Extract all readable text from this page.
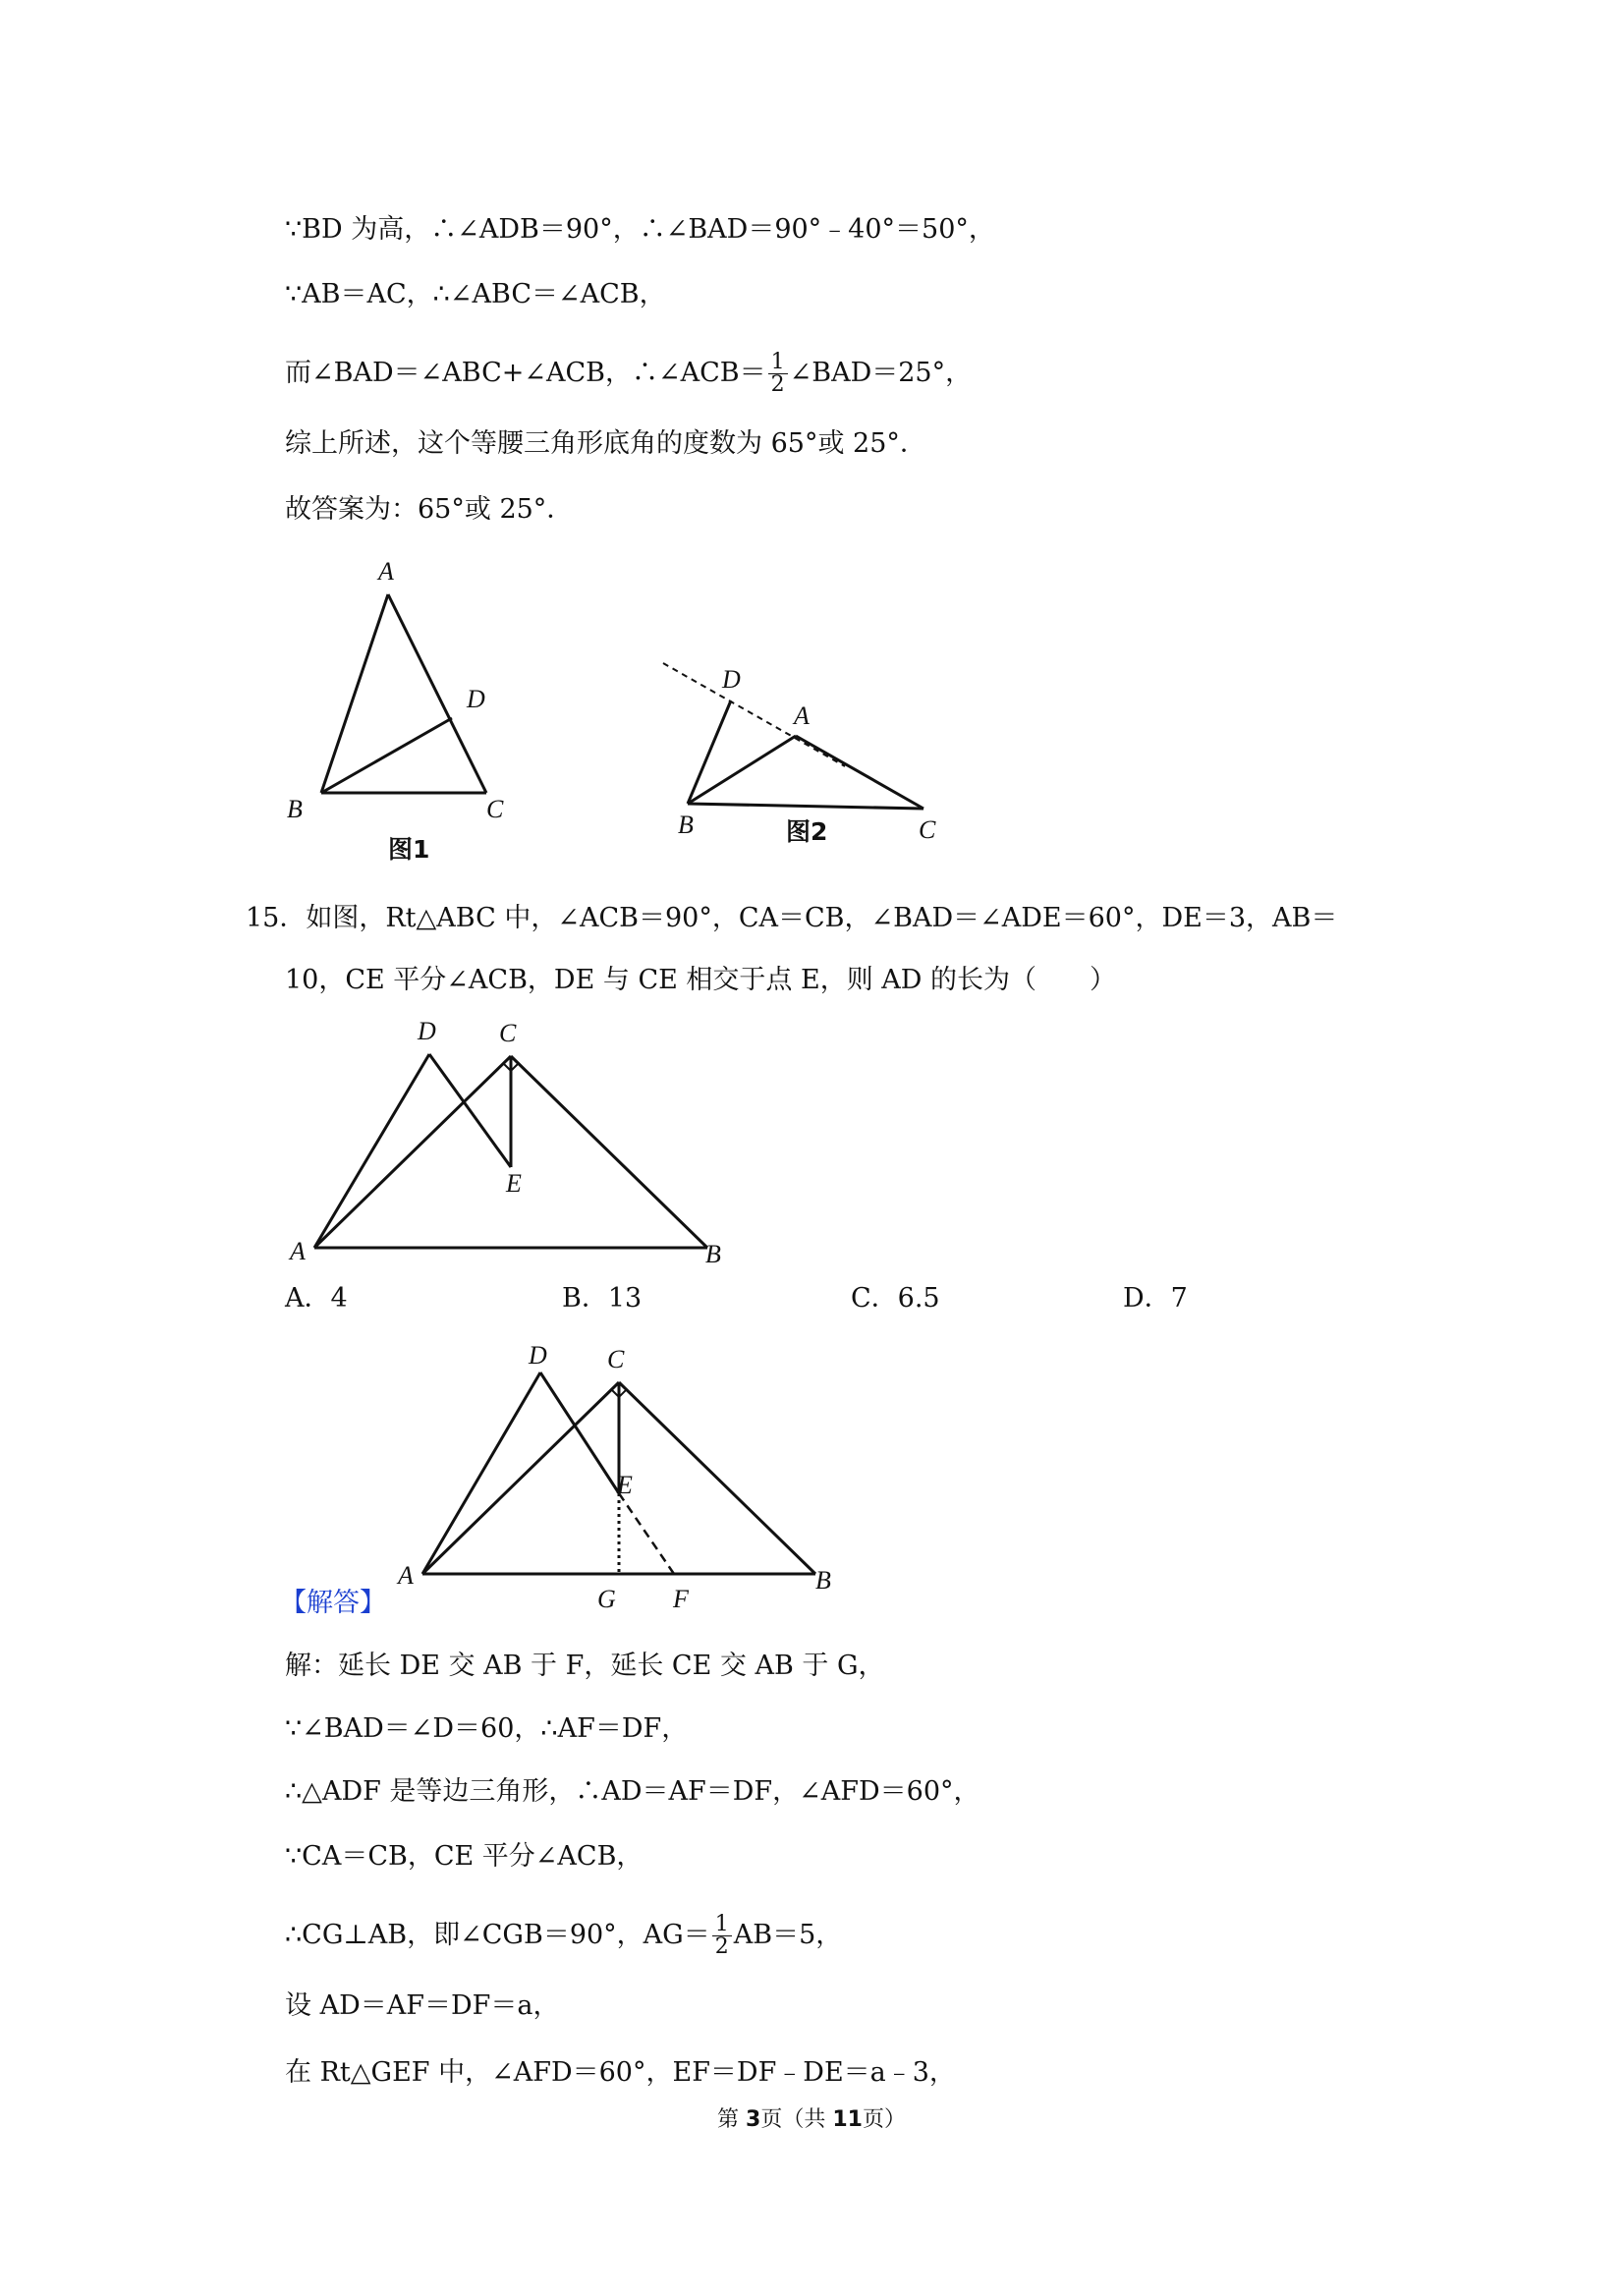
∵BD 为高，∴∠ADB＝90°，∴∠BAD＝90°﹣40°＝50°，
∵AB＝AC，∴∠ABC＝∠ACB，
而∠BAD＝∠ABC+∠ACB，∴∠ACB＝ $\frac{1}{2}$ ∠BAD＝25°，
综上所述，这个等腰三角形底角的度数为 65°或 25°．
故答案为：65°或 25°．
A
D
B	C
图1
D
A
B	C
图2
15．如图，Rt△ABC 中，∠ACB＝90°，CA＝CB，∠BAD＝∠ADE＝60°，DE＝3，AB＝
10，CE 平分∠ACB，DE 与 CE 相交于点 E，则 AD 的长为（　　）
D C
E
A	B
A．4	B．13	C．6.5	D．7
D C
E
A	B
G F
【解答】
解：延长 DE 交 AB 于 F，延长 CE 交 AB 于 G，
∵∠BAD＝∠D＝60，∴AF＝DF，
∴△ADF 是等边三角形，∴AD＝AF＝DF，∠AFD＝60°，
∵CA＝CB，CE 平分∠ACB，
∴CG⊥AB，即∠CGB＝90°，$AG= \frac{1}{2} AB=5$，
设 AD＝AF＝DF＝a，
在 Rt△GEF 中，∠AFD＝60°，EF＝DF﹣DE＝a﹣3，
第 3页（共 11页）
